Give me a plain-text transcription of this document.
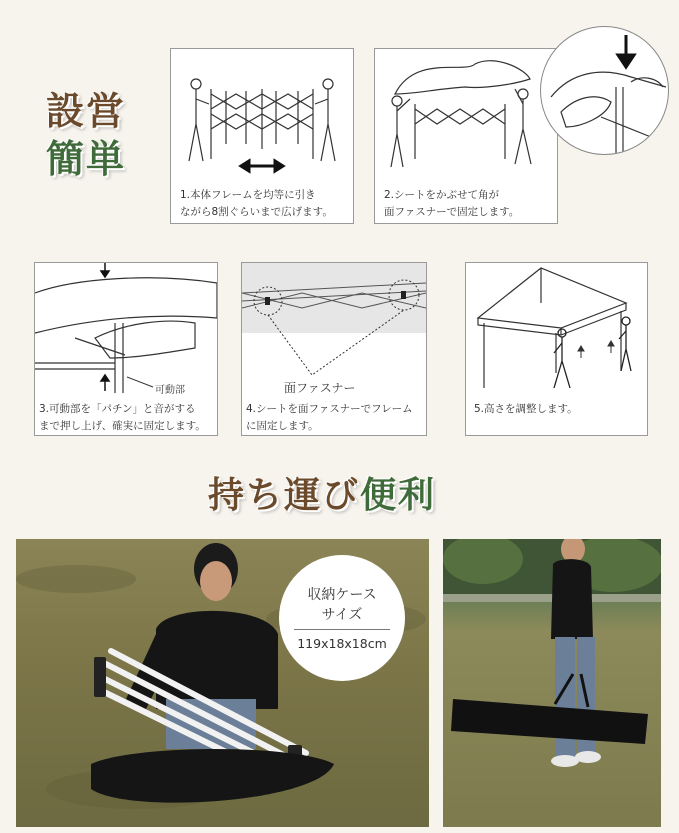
設営
簡単
1.本体フレームを均等に引き
ながら8割ぐらいまで広げます。
2.シートをかぶせて角が
面ファスナーで固定します。
可動部
3.可動部を「パチン」と音がする
まで押し上げ、確実に固定します。
面ファスナー
4.シートを面ファスナーでフレーム
に固定します。
5.高さを調整します。
持ち運び便利
収納ケース
サイズ
119x18x18cm
